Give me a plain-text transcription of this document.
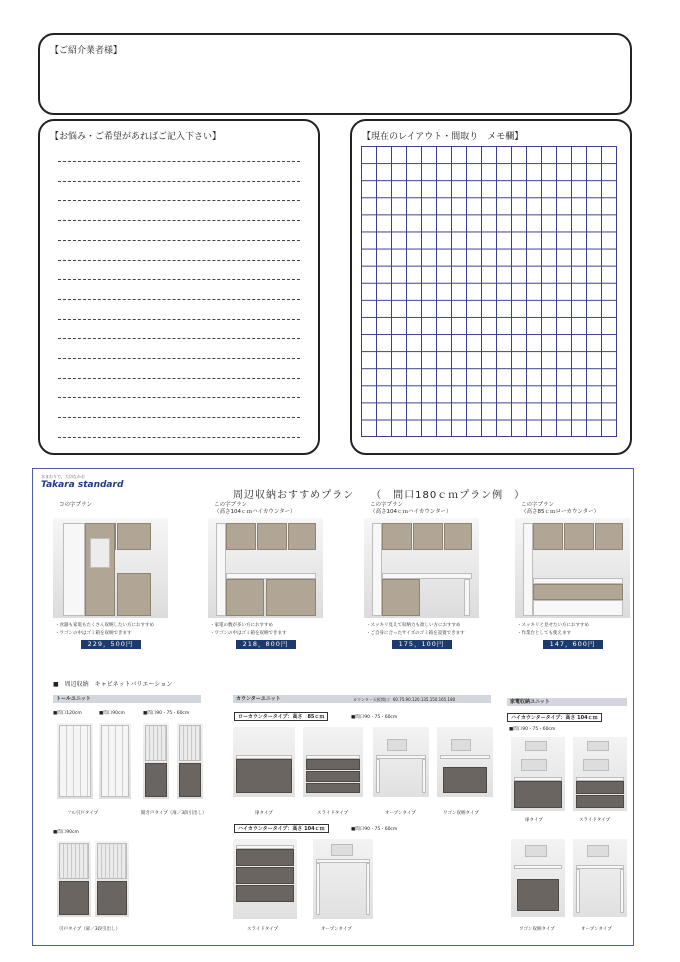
【ご紹介業者様】
【お悩み・ご希望があればご記入下さい】	【現在のレイアウト・間取り　メモ欄】
水まわりで、大切なかお
Takara standard
周辺収納おすすめプラン　　（　間口180ｃｍプラン例　）
コの字プラン
・食器も家電もたくさん収納したい方におすすめ
・ワゴンの中はゴミ箱を収納できます
229，500円
この字プラン
（高さ104ｃｍハイカウンター）
・家電の数が多い方におすすめ
・ワゴンの中はゴミ箱を収納できます
218，800円
この字プラン
（高さ104ｃｍハイカウンター）
・スッキリ見えて収納力も欲しい方におすすめ
・ご自身に合ったサイズのゴミ箱を設置できます
175，100円
この字プラン
（高さ85ｃｍローカウンター）
・スッキリと見せたい方におすすめ
・作業台としても使えます
147，600円
■　周辺収納　キャビネットバリエーション
トールユニット
■間口120cm	■間口90cm	■間口90・75・60cm
フル引戸タイプ	開き戸タイプ（扉／3段引出し）
■間口90cm
引戸タイプ（扉／3段引出し）
カウンターユニット	カウンター天板間口：60.75.90.120.135.150.165.180
ローカウンタータイプ：高さ　85ｃｍ	■間口90・75・60cm
扉タイプ	スライドタイプ	オープンタイプ	ワゴン収納タイプ
ハイカウンタータイプ：高さ 104ｃｍ	■間口90・75・60cm
スライドタイプ	オープンタイプ
家電収納ユニット
ハイカウンタータイプ：高さ 104ｃｍ
■間口90・75・60cm
扉タイプ	スライドタイプ
ワゴン収納タイプ	オープンタイプ
